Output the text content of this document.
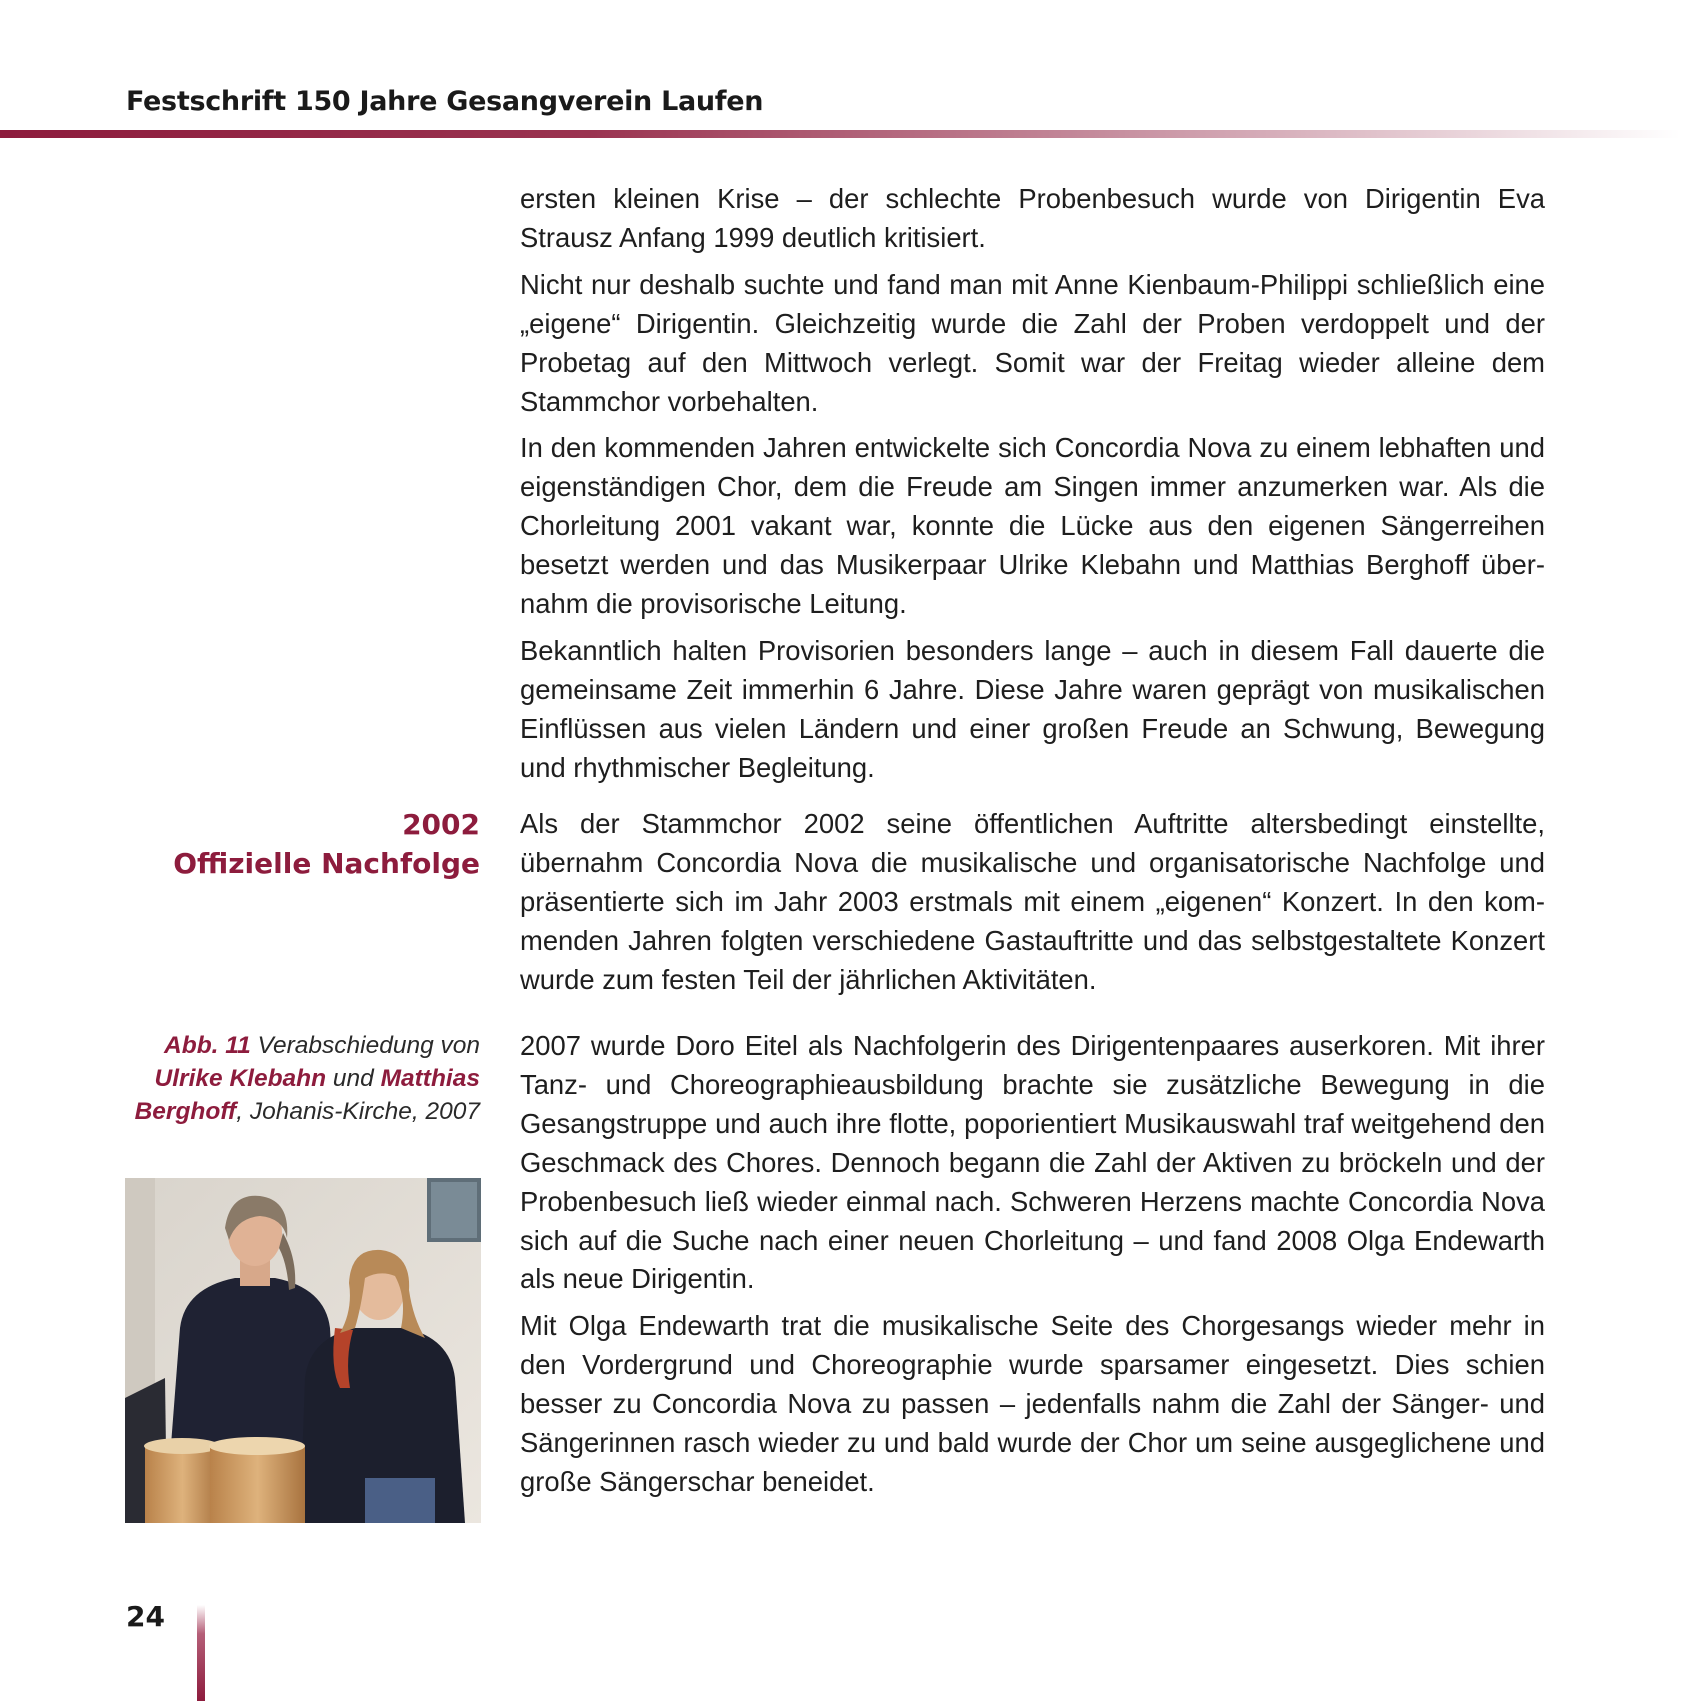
Festschrift 150 Jahre Gesangverein Laufen

ersten kleinen Krise – der schlechte Probenbesuch wurde von Dirigentin Eva Strausz Anfang 1999 deutlich kritisiert.

Nicht nur deshalb suchte und fand man mit Anne Kienbaum-Philippi schließlich eine „eigene“ Dirigentin. Gleichzeitig wurde die Zahl der Proben verdoppelt und der Probetag auf den Mittwoch verlegt. Somit war der Freitag wieder alleine dem Stammchor vorbehalten.

In den kommenden Jahren entwickelte sich Concordia Nova zu einem lebhaften und eigenständigen Chor, dem die Freude am Singen immer anzumerken war. Als die Chorleitung 2001 vakant war, konnte die Lücke aus den eigenen Sängerreihen besetzt werden und das Musikerpaar Ulrike Klebahn und Matthias Berghoff übernahm die provisorische Leitung.

Bekanntlich halten Provisorien besonders lange – auch in diesem Fall dauerte die gemeinsame Zeit immerhin 6 Jahre. Diese Jahre waren geprägt von musikalischen Einflüssen aus vielen Ländern und einer großen Freude an Schwung, Bewegung und rhythmischer Begleitung.

2002
Offizielle Nachfolge

Als der Stammchor 2002 seine öffentlichen Auftritte altersbedingt einstellte, übernahm Concordia Nova die musikalische und organisatorische Nachfolge und präsentierte sich im Jahr 2003 erstmals mit einem „eigenen“ Konzert. In den kommenden Jahren folgten verschiedene Gastauftritte und das selbstgestaltete Konzert wurde zum festen Teil der jährlichen Aktivitäten.

Abb. 11 Verabschiedung von Ulrike Klebahn und Matthias Berghoff, Johanis-Kirche, 2007

2007 wurde Doro Eitel als Nachfolgerin des Dirigentenpaares auserkoren. Mit ihrer Tanz- und Choreographieausbildung brachte sie zusätzliche Bewegung in die Gesangstruppe und auch ihre flotte, poporientiert Musikauswahl traf weitgehend den Geschmack des Chores. Dennoch begann die Zahl der Aktiven zu bröckeln und der Probenbesuch ließ wieder einmal nach. Schweren Herzens machte Concordia Nova sich auf die Suche nach einer neuen Chorleitung – und fand 2008 Olga Endewarth als neue Dirigentin.

Mit Olga Endewarth trat die musikalische Seite des Chorgesangs wieder mehr in den Vordergrund und Choreographie wurde sparsamer eingesetzt. Dies schien besser zu Concordia Nova zu passen – jedenfalls nahm die Zahl der Sänger- und Sängerinnen rasch wieder zu und bald wurde der Chor um seine ausgeglichene und große Sängerschar beneidet.

24
